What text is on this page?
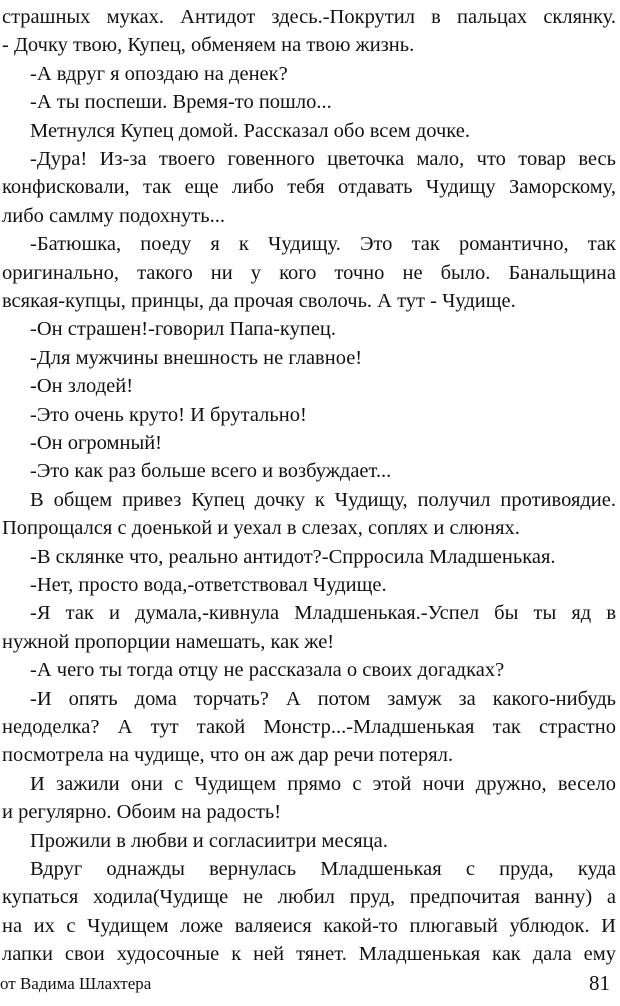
страшных муках. Антидот здесь.-Покрутил в пальцах склянку.
- Дочку твою, Купец, обменяем на твою жизнь.
-А вдруг я опоздаю на денек?
-А ты поспеши. Время-то пошло...
Метнулся Купец домой. Рассказал обо всем дочке.
-Дура! Из-за твоего говенного цветочка мало, что товар весь
конфисковали, так еще либо тебя отдавать Чудищу Заморскому,
либо самлму подохнуть...
-Батюшка, поеду я к Чудищу. Это так романтично, так
оригинально, такого ни у кого точно не было. Банальщина
всякая-купцы, принцы, да прочая сволочь. А тут - Чудище.
-Он страшен!-говорил Папа-купец.
-Для мужчины внешность не главное!
-Он злодей!
-Это очень круто! И брутально!
-Он огромный!
-Это как раз больше всего и возбуждает...
В общем привез Купец дочку к Чудищу, получил противоядие.
Попрощался с доенькой и уехал в слезах, соплях и слюнях.
-В склянке что, реально антидот?-Спрросила Младшенькая.
-Нет, просто вода,-ответствовал Чудище.
-Я так и думала,-кивнула Младшенькая.-Успел бы ты яд в
нужной пропорции намешать, как же!
-А чего ты тогда отцу не рассказала о своих догадках?
-И опять дома торчать? А потом замуж за какого-нибудь
недоделка? А тут такой Монстр...-Младшенькая так страстно
посмотрела на чудище, что он аж дар речи потерял.
И зажили они с Чудищем прямо с этой ночи дружно, весело
и регулярно. Обоим на радость!
Прожили в любви и согласиитри месяца.
Вдруг однажды вернулась Младшенькая с пруда, куда
купаться ходила(Чудище не любил пруд, предпочитая ванну) а
на их с Чудищем ложе валяеися какой-то плюгавый ублюдок. И
лапки свои худосочные к ней тянет. Младшенькая как дала ему
от Вадима Шлахтера	81
